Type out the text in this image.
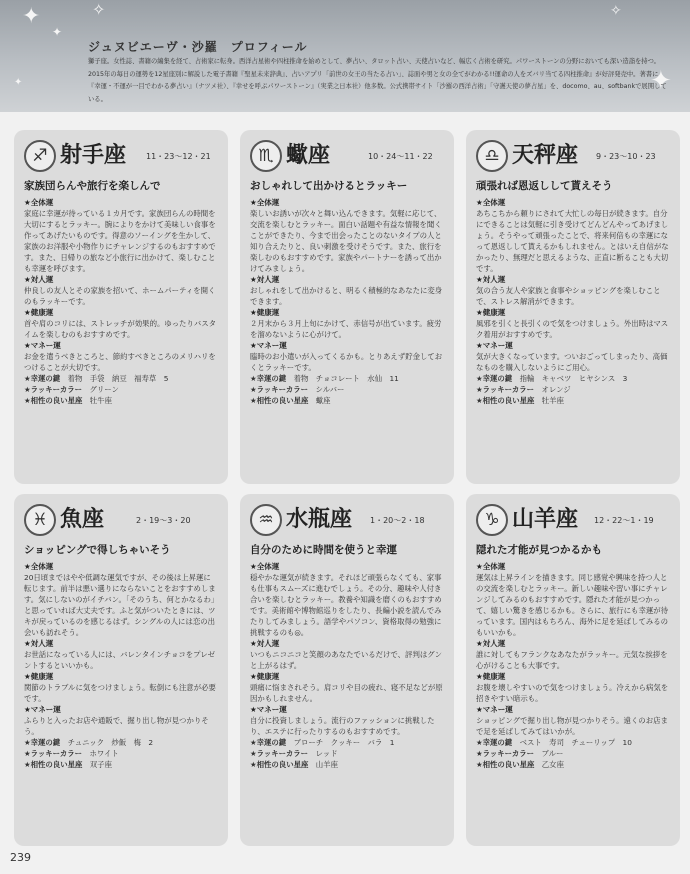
✦	✧
✦
✧
✦
✦
ジュヌビエーヴ・沙羅　プロフィール
獅子座。女性誌、書籍の編集を経て、占術家に転身。西洋占星術や四柱推命を始めとして、夢占い、タロット占い、天使占いなど、幅広く占術を研究。パワーストーンの分野においても深い造詣を持つ。2015年の毎日の運勢を12星座別に解説した電子書籍『聖星未来辞典』、占いアプリ「前世の女王の当たる占い」、誌面や男と女の全てがわかる!!運命の人をズバリ当てる四柱推命』が好評発売中。著書に『幸運・不運が一目でわかる夢占い』（ナツメ社）、『幸せを呼ぶパワーストーン』（実業之日本社）他多数。公式携帯サイト「沙羅の西洋占術」「守護天使の夢占星」を、docomo、au、softbankで展開している。
♐ 射手座 11・23～12・21
家族団らんや旅行を楽しんで
★全体運
家庭に幸運が待っている１カ月です。家族団らんの時間を大切にするとラッキー。腕によりをかけて美味しい食事を作ってあげたいものです。得意のソーイングを生かして、家族のお洋服や小物作りにチャレンジするのもおすすめです。また、日帰りの旅など小旅行に出かけて、楽しむことも幸運を呼びます。
★対人運
仲良しの友人とその家族を招いて、ホームパーティを開くのもラッキーです。
★健康運
首や肩のコリには、ストレッチが効果的。ゆったりバスタイムを楽しむのもおすすめです。
★マネー運
お金を遣うべきところと、節約すべきところのメリハリをつけることが大切です。
★幸運の鍵　 着物　手袋　納豆　福寿草　5
★ラッキーカラー　 グリーン
★相性の良い星座　 牡牛座
♏ 蠍座	10・24～11・22
おしゃれして出かけるとラッキー
★全体運
楽しいお誘いが次々と舞い込んできます。気軽に応じて、交流を楽しむとラッキー。面白い話題や有益な情報を聞くことができたり、今まで出会ったことのないタイプの人と知り合えたりと、良い刺激を受けそうです。また、旅行を楽しむのもおすすめです。家族やパートナーを誘って出かけてみましょう。
★対人運
おしゃれをして出かけると、明るく積極的なあなたに変身できます。
★健康運
２月末から３月上旬にかけて、赤信号が出ています。疲労を溜めないように心がけて。
★マネー運
臨時のお小遣いが入ってくるかも。とりあえず貯金しておくとラッキーです。
★幸運の鍵　 着物　チョコレート　水仙　11
★ラッキーカラー　 シルバー
★相性の良い星座　 蠍座
♎ 天秤座 9・23～10・23
頑張れば恩返しして貰えそう
★全体運
あちこちから頼りにされて大忙しの毎日が続きます。自分にできることは気軽に引き受けてどんどんやってあげましょう。そうやって頑張ったことで、将来何倍もの幸運になって恩返しして貰えるかもしれません。とはいえ自信がなかったり、無理だと思えるような、正直に断ることも大切です。
★対人運
気の合う友人や家族と食事やショッピングを楽しむことで、ストレス解消ができます。
★健康運
風邪を引くと長引くので気をつけましょう。外出時はマスク着用がおすすめです。
★マネー運
気が大きくなっています。ついおごってしまったり、高価なものを購入しないようにご用心。
★幸運の鍵　 指輪　キャベツ　ヒヤシンス　3
★ラッキーカラー　 オレンジ
★相性の良い星座　 牡羊座
♓ 魚座	2・19～3・20
ショッピングで得しちゃいそう
★全体運
20日頃まではやや低調な運気ですが、その後は上昇運に転じます。前半は悪い選りにならないことをおすすめします。気にしないのがイチバン。「そのうち、何とかなるわ」と思っていれば大丈夫です。ふと気がついたときには、ツキが戻っているのを感じるはず。シングルの人には恋の出会いも訪れそう。
★対人運
お世話になっている人には、バレンタインチョコをプレゼントするといいかも。
★健康運
関節のトラブルに気をつけましょう。転倒にも注意が必要です。
★マネー運
ふらりと入ったお店や通販で、掘り出し物が見つかりそう。
★幸運の鍵　 チュニック　炒飯　梅　2
★ラッキーカラー　 ホワイト
★相性の良い星座　 双子座
♒ 水瓶座 1・20～2・18
自分のために時間を使うと幸運
★全体運
穏やかな運気が続きます。それほど頑張らなくても、家事も仕事もスムーズに進むでしょう。その分、趣味や人付き合いを楽しむとラッキー。教養や知識を磨くのもおすすめです。美術館や博物館巡りをしたり、長編小説を読んでみたりしてみましょう。語学やパソコン、資格取得の勉強に挑戦するのも◎。
★対人運
いつもニコニコと笑顔のあなたでいるだけで、評判はグンと上がるはず。
★健康運
頭痛に悩まされそう。肩コリや目の疲れ、寝不足などが原因かもしれません。
★マネー運
自分に投資しましょう。流行のファッションに挑戦したり、エステに行ったりするのもおすすめです。
★幸運の鍵　 ブローチ　クッキー　バラ　1
★ラッキーカラー　 レッド
★相性の良い星座　 山羊座
♑ 山羊座 12・22～1・19
隠れた才能が見つかるかも
★全体運
運気は上昇ラインを描きます。同じ感覚や興味を持つ人との交流を楽しむとラッキー。新しい趣味や習い事にチャレンジしてみるのもおすすめです。隠れた才能が見つかって、嬉しい驚きを感じるかも。さらに、旅行にも幸運が待っています。国内はもちろん、海外に足を延ばしてみるのもいいかも。
★対人運
誰に対してもフランクなあなたがラッキー。元気な挨拶を心がけることも大事です。
★健康運
お腹を壊しやすいので気をつけましょう。冷えから病気を招きやすい暗示も。
★マネー運
ショッピングで掘り出し物が見つかりそう。遠くのお店まで足を延ばしてみてはいかが。
★幸運の鍵　 ベスト　寿司　チューリップ　10
★ラッキーカラー　 ブルー
★相性の良い星座　 乙女座
239
